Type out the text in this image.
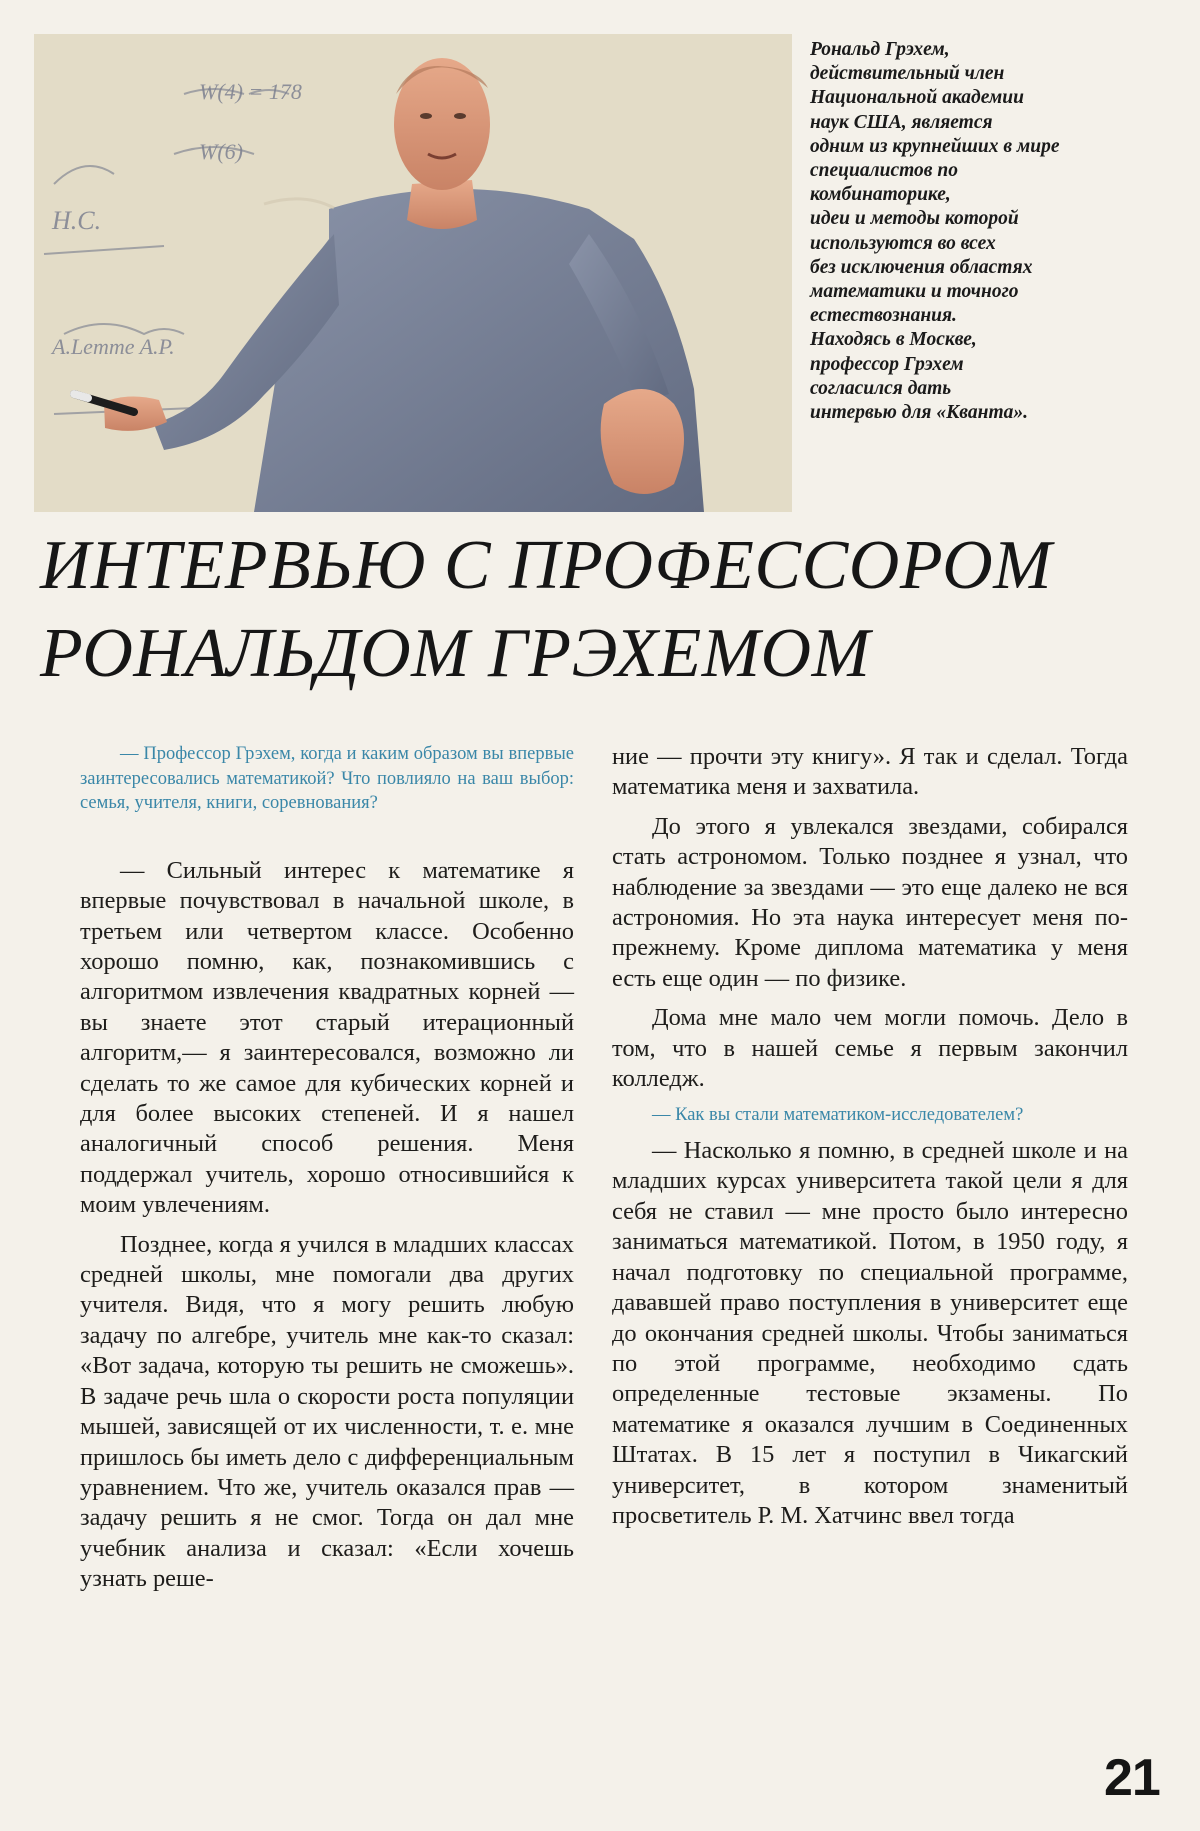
W(4) = 178
W(6)
H.C.
A.Lemme A.P.

Рональд Грэхем,

действительный член

Национальной академии

наук США, является

одним из крупнейших в мире

специалистов по

комбинаторике,

идеи и методы которой

используются во всех

без исключения областях

математики и точного

естествознания.

Находясь в Москве,

профессор Грэхем

согласился дать

интервью для «Кванта».

ИНТЕРВЬЮ С ПРОФЕССОРОМ
РОНАЛЬДОМ ГРЭХЕМОМ

— Профессор Грэхем, когда и каким образом вы впервые заинтересовались математикой? Что повлияло на ваш выбор: семья, учителя, книги, соревнования?

— Сильный интерес к математике я впервые почувствовал в начальной школе, в третьем или четвертом классе. Особенно хорошо помню, как, познакомившись с алгоритмом извлечения квадратных корней — вы знаете этот старый итерационный алгоритм,— я заинтересовался, возможно ли сделать то же самое для кубических корней и для более высоких степеней. И я нашел аналогичный способ решения. Меня поддержал учитель, хорошо относившийся к моим увлечениям.

Позднее, когда я учился в младших классах средней школы, мне помогали два других учителя. Видя, что я могу решить любую задачу по алгебре, учитель мне как-то сказал: «Вот задача, которую ты решить не сможешь». В задаче речь шла о скорости роста популяции мышей, зависящей от их численности, т. е. мне пришлось бы иметь дело с дифференциальным уравнением. Что же, учитель оказался прав — задачу решить я не смог. Тогда он дал мне учебник анализа и сказал: «Если хочешь узнать реше-

ние — прочти эту книгу». Я так и сделал. Тогда математика меня и захватила.

До этого я увлекался звездами, собирался стать астрономом. Только позднее я узнал, что наблюдение за звездами — это еще далеко не вся астрономия. Но эта наука интересует меня по-прежнему. Кроме диплома математика у меня есть еще один — по физике.

Дома мне мало чем могли помочь. Дело в том, что в нашей семье я первым закончил колледж.

— Как вы стали математиком-исследователем?

— Насколько я помню, в средней школе и на младших курсах университета такой цели я для себя не ставил — мне просто было интересно заниматься математикой. Потом, в 1950 году, я начал подготовку по специальной программе, дававшей право поступления в университет еще до окончания средней школы. Чтобы заниматься по этой программе, необходимо сдать определенные тестовые экзамены. По математике я оказался лучшим в Соединенных Штатах. В 15 лет я поступил в Чикагский университет, в котором знаменитый просветитель Р. М. Хатчинс ввел тогда

21
